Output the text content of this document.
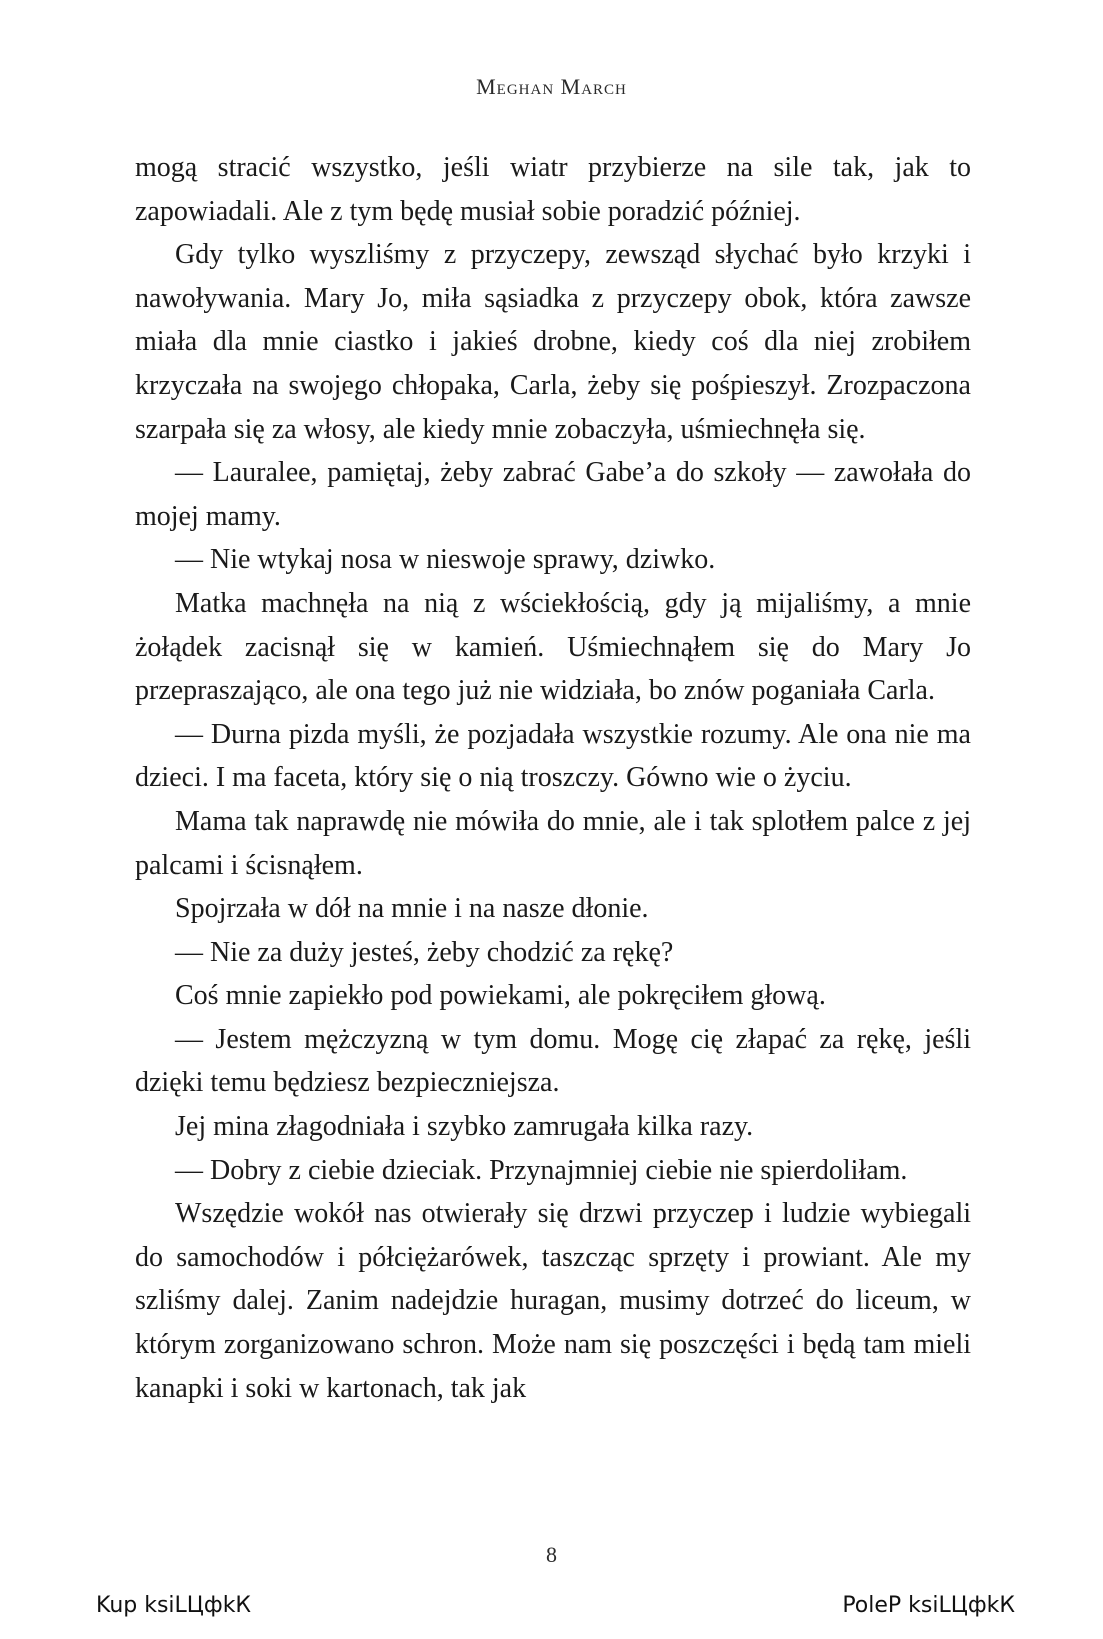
Meghan March

mogą stracić wszystko, jeśli wiatr przybierze na sile tak, jak to zapowiadali. Ale z tym będę musiał sobie poradzić później.

Gdy tylko wyszliśmy z przyczepy, zewsząd słychać było krzyki i nawoływania. Mary Jo, miła sąsiadka z przyczepy obok, która zawsze miała dla mnie ciastko i jakieś drobne, kiedy coś dla niej zrobiłem krzyczała na swojego chłopaka, Carla, żeby się pośpieszył. Zrozpaczona szarpała się za włosy, ale kiedy mnie zobaczyła, uśmiechnęła się.

— Lauralee, pamiętaj, żeby zabrać Gabe’a do szkoły — zawołała do mojej mamy.

— Nie wtykaj nosa w nieswoje sprawy, dziwko.

Matka machnęła na nią z wściekłością, gdy ją mijaliśmy, a mnie żołądek zacisnął się w kamień. Uśmiechnąłem się do Mary Jo przepraszająco, ale ona tego już nie widziała, bo znów poganiała Carla.

— Durna pizda myśli, że pozjadała wszystkie rozumy. Ale ona nie ma dzieci. I ma faceta, który się o nią troszczy. Gówno wie o życiu.

Mama tak naprawdę nie mówiła do mnie, ale i tak splotłem palce z jej palcami i ścisnąłem.

Spojrzała w dół na mnie i na nasze dłonie.

— Nie za duży jesteś, żeby chodzić za rękę?

Coś mnie zapiekło pod powiekami, ale pokręciłem głową.

— Jestem mężczyzną w tym domu. Mogę cię złapać za rękę, jeśli dzięki temu będziesz bezpieczniejsza.

Jej mina złagodniała i szybko zamrugała kilka razy.

— Dobry z ciebie dzieciak. Przynajmniej ciebie nie spierdoliłam.

Wszędzie wokół nas otwierały się drzwi przyczep i ludzie wybiegali do samochodów i półciężarówek, taszcząc sprzęty i prowiant. Ale my szliśmy dalej. Zanim nadejdzie huragan, musimy dotrzeć do liceum, w którym zorganizowano schron. Może nam się poszczęści i będą tam mieli kanapki i soki w kartonach, tak jak

8
Kup ksiLЦфkК	PoleP ksiLЦфkК
